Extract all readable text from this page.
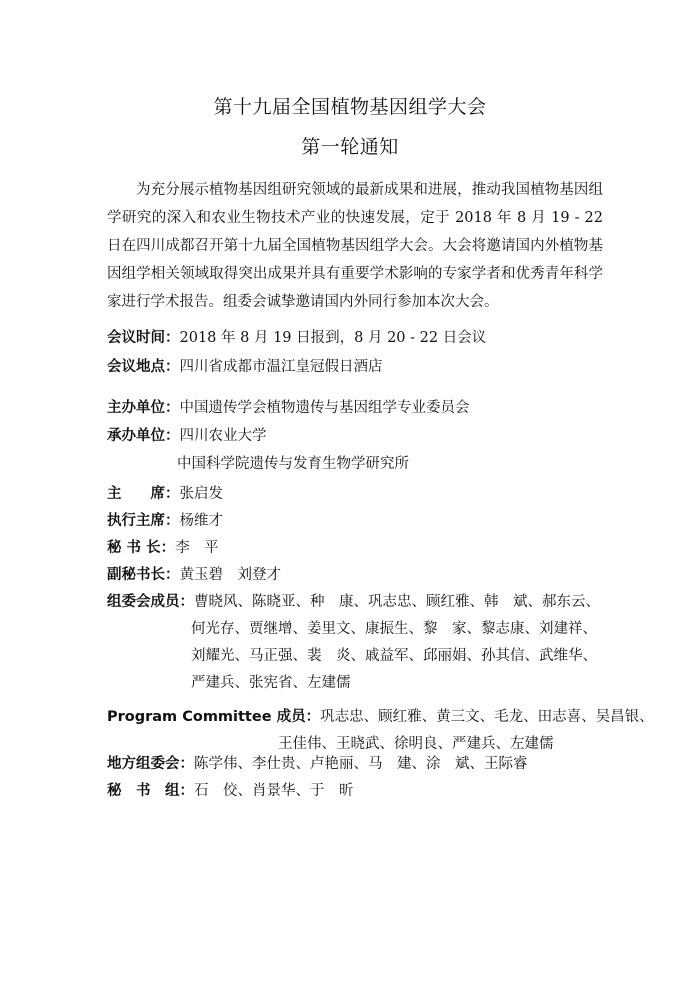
第十九届全国植物基因组学大会
第一轮通知
为充分展示植物基因组研究领域的最新成果和进展，推动我国植物基因组学研究的深入和农业生物技术产业的快速发展，定于 2018 年 8 月 19 - 22 日在四川成都召开第十九届全国植物基因组学大会。大会将邀请国内外植物基因组学相关领域取得突出成果并具有重要学术影响的专家学者和优秀青年科学家进行学术报告。组委会诚挚邀请国内外同行参加本次大会。
会议时间：2018 年 8 月 19 日报到，8 月 20 - 22 日会议
会议地点：四川省成都市温江皇冠假日酒店
主办单位：中国遗传学会植物遗传与基因组学专业委员会
承办单位：四川农业大学
中国科学院遗传与发育生物学研究所
主　　席：张启发
执行主席：杨维才
秘 书 长：李　平
副秘书长：黄玉碧　刘登才
组委会成员：曹晓风、陈晓亚、种　康、巩志忠、顾红雅、韩　斌、郝东云、
何光存、贾继增、姜里文、康振生、黎　家、黎志康、刘建祥、
刘耀光、马正强、裴　炎、戚益军、邱丽娟、孙其信、武维华、
严建兵、张宪省、左建儒
Program Committee 成员：巩志忠、顾红雅、黄三文、毛龙、田志喜、吴昌银、
王佳伟、王晓武、徐明良、严建兵、左建儒
地方组委会：陈学伟、李仕贵、卢艳丽、马　建、涂　斌、王际睿
秘　书　组：石　佼、肖景华、于　昕
